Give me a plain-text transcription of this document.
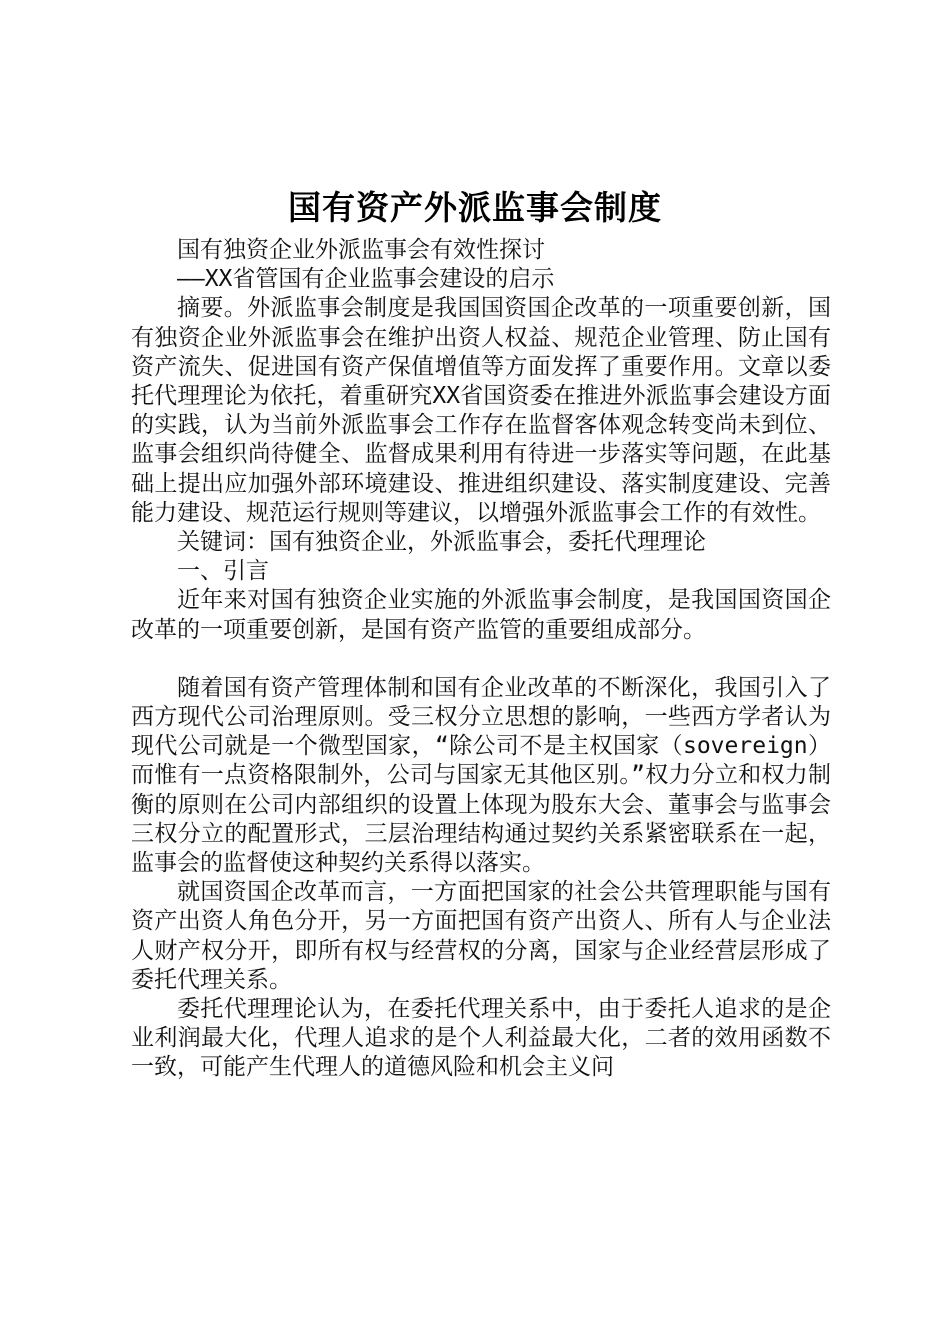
国有资产外派监事会制度

国有独资企业外派监事会有效性探讨

——XX省管国有企业监事会建设的启示

摘要。外派监事会制度是我国国资国企改革的一项重要创新，国有独资企业外派监事会在维护出资人权益、规范企业管理、防止国有资产流失、促进国有资产保值增值等方面发挥了重要作用。文章以委托代理理论为依托，着重研究XX省国资委在推进外派监事会建设方面的实践，认为当前外派监事会工作存在监督客体观念转变尚未到位、监事会组织尚待健全、监督成果利用有待进一步落实等问题，在此基础上提出应加强外部环境建设、推进组织建设、落实制度建设、完善能力建设、规范运行规则等建议，以增强外派监事会工作的有效性。

关键词：国有独资企业，外派监事会，委托代理理论

一、引言

近年来对国有独资企业实施的外派监事会制度，是我国国资国企改革的一项重要创新，是国有资产监管的重要组成部分。

随着国有资产管理体制和国有企业改革的不断深化，我国引入了西方现代公司治理原则。受三权分立思想的影响，一些西方学者认为现代公司就是一个微型国家，“除公司不是主权国家（sovereign）而惟有一点资格限制外，公司与国家无其他区别。”权力分立和权力制衡的原则在公司内部组织的设置上体现为股东大会、董事会与监事会三权分立的配置形式，三层治理结构通过契约关系紧密联系在一起，监事会的监督使这种契约关系得以落实。

就国资国企改革而言，一方面把国家的社会公共管理职能与国有资产出资人角色分开，另一方面把国有资产出资人、所有人与企业法人财产权分开，即所有权与经营权的分离，国家与企业经营层形成了委托代理关系。

委托代理理论认为，在委托代理关系中，由于委托人追求的是企业利润最大化，代理人追求的是个人利益最大化，二者的效用函数不一致，可能产生代理人的道德风险和机会主义问
